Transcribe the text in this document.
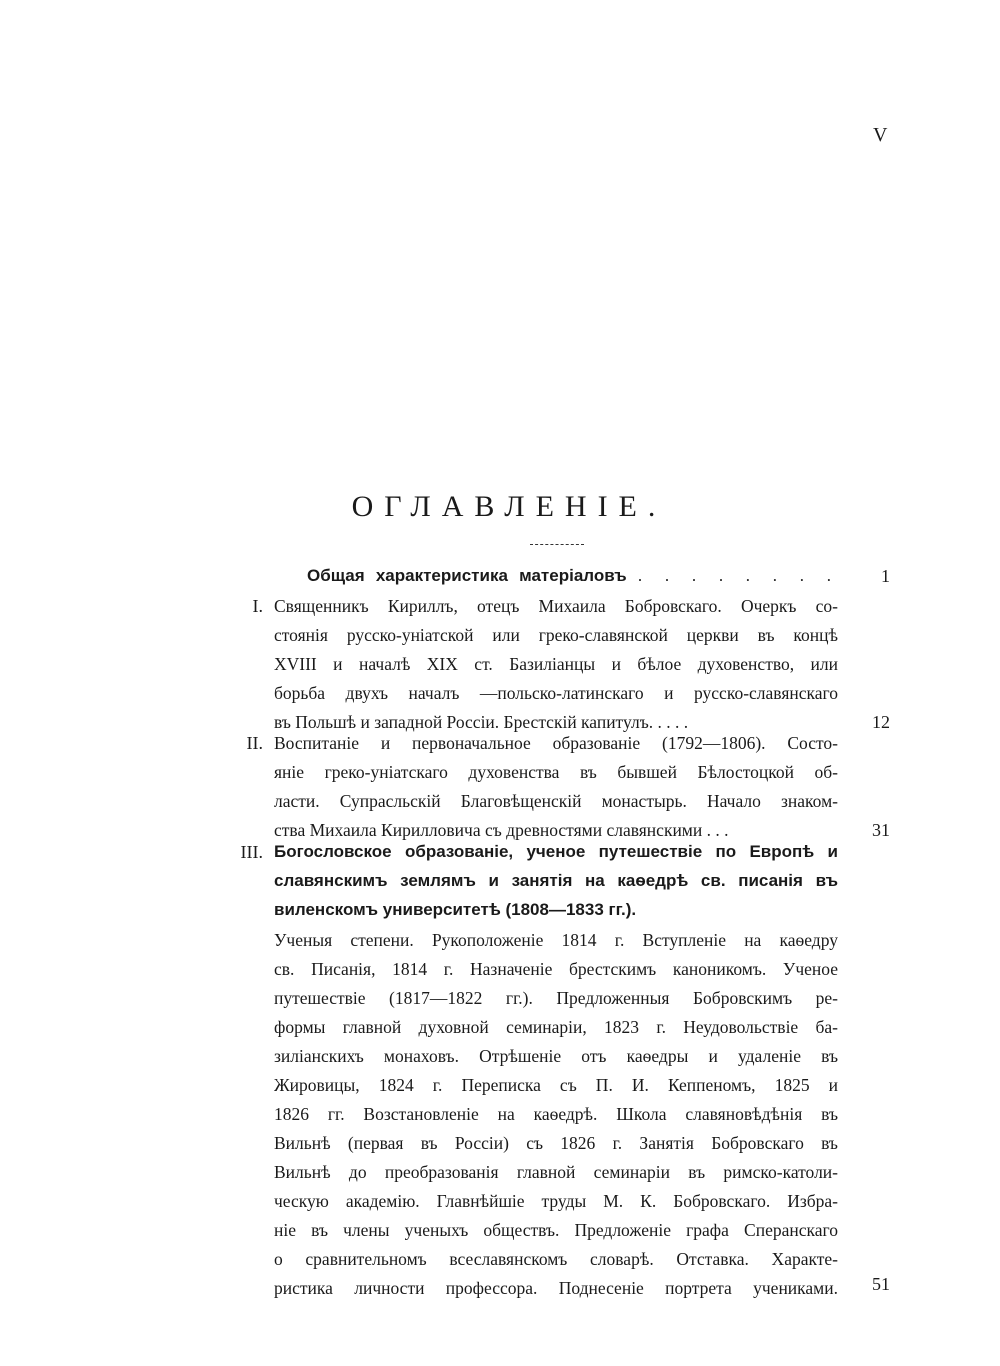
V
ОГЛАВЛЕНІЕ.
Общая характеристика матеріаловъ . . . . . . . .	1
I. Священникъ Кириллъ, отецъ Михаила Бобровскаго. Очеркъ со-
стоянія русско-уніатской или греко-славянской церкви въ концѣ
XVIII и началѣ XIX ст. Базиліанцы и бѣлое духовенство, или
борьба двухъ началъ —польско-латинскаго и русско-славянскаго
въ Польшѣ и западной Россіи. Брестскій капитулъ. . . . .	12
II. Воспитаніе и первоначальное образованіе (1792—1806). Состо-
яніе греко-уніатскаго духовенства въ бывшей Бѣлостоцкой об-
ласти. Супрасльскій Благовѣщенскій монастырь. Начало знаком-
ства Михаила Кирилловича съ древностями славянскими . . .	31
III. Богословское образованіе, ученое путешествіе по Европѣ и
славянскимъ землямъ и занятія на каѳедрѣ св. писанія въ
виленскомъ университетѣ (1808—1833 гг.).
Ученыя степени. Рукоположеніе 1814 г. Вступленіе на каѳедру
св. Писанія, 1814 г. Назначеніе брестскимъ каноникомъ. Ученое
путешествіе (1817—1822 гг.). Предложенныя Бобровскимъ ре-
формы главной духовной семинаріи, 1823 г. Неудовольствіе ба-
зиліанскихъ монаховъ. Отрѣшеніе отъ каѳедры и удаленіе въ
Жировицы, 1824 г. Переписка съ П. И. Кеппеномъ, 1825 и
1826 гг. Возстановленіе на каѳедрѣ. Школа славяновѣдѣнія въ
Вильнѣ (первая въ Россіи) съ 1826 г. Занятія Бобровскаго въ
Вильнѣ до преобразованія главной семинаріи въ римско-католи-
ческую академію. Главнѣйшіе труды М. К. Бобровскаго. Избра-
ніе въ члены ученыхъ обществъ. Предложеніе графа Сперанскаго
о сравнительномъ всеславянскомъ словарѣ. Отставка. Характе-
ристика личности профессора. Поднесеніе портрета учениками.	51
